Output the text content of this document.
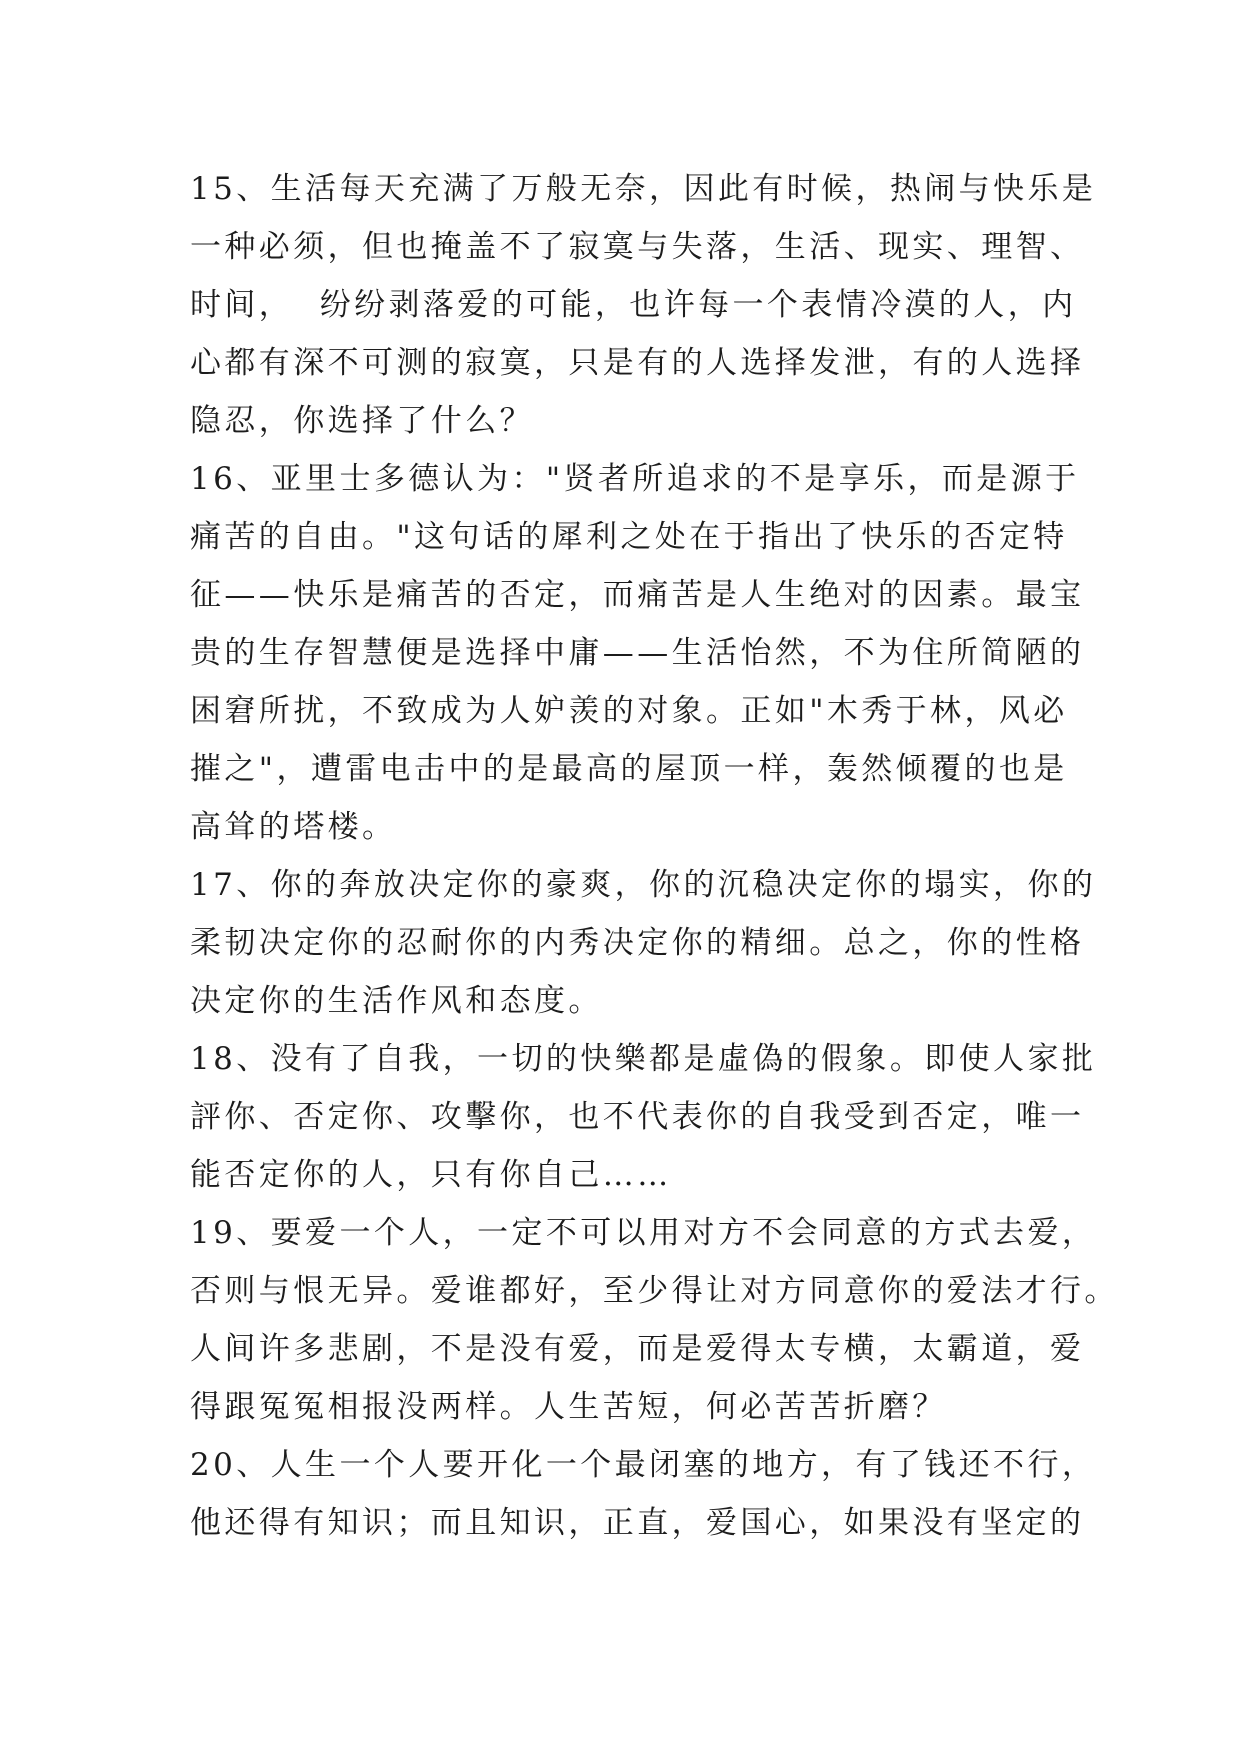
15、生活每天充满了万般无奈，因此有时候，热闹与快乐是
一种必须，但也掩盖不了寂寞与失落，生活、现实、理智、
时间，  纷纷剥落爱的可能，也许每一个表情冷漠的人，内
心都有深不可测的寂寞，只是有的人选择发泄，有的人选择
隐忍，你选择了什么？
16、亚里士多德认为："贤者所追求的不是享乐，而是源于
痛苦的自由。"这句话的犀利之处在于指出了快乐的否定特
征——快乐是痛苦的否定，而痛苦是人生绝对的因素。最宝
贵的生存智慧便是选择中庸——生活怡然，不为住所简陋的
困窘所扰，不致成为人妒羡的对象。正如"木秀于林，风必
摧之"，遭雷电击中的是最高的屋顶一样，轰然倾覆的也是
高耸的塔楼。
17、你的奔放决定你的豪爽，你的沉稳决定你的塌实，你的
柔韧决定你的忍耐你的内秀决定你的精细。总之，你的性格
决定你的生活作风和态度。
18、没有了自我，一切的快樂都是虛偽的假象。即使人家批
評你、否定你、攻擊你，也不代表你的自我受到否定，唯一
能否定你的人，只有你自己……
19、要爱一个人，一定不可以用对方不会同意的方式去爱，
否则与恨无异。爱谁都好，至少得让对方同意你的爱法才行。
人间许多悲剧，不是没有爱，而是爱得太专横，太霸道，爱
得跟冤冤相报没两样。人生苦短，何必苦苦折磨？
20、人生一个人要开化一个最闭塞的地方，有了钱还不行，
他还得有知识；而且知识，正直，爱国心，如果没有坚定的
